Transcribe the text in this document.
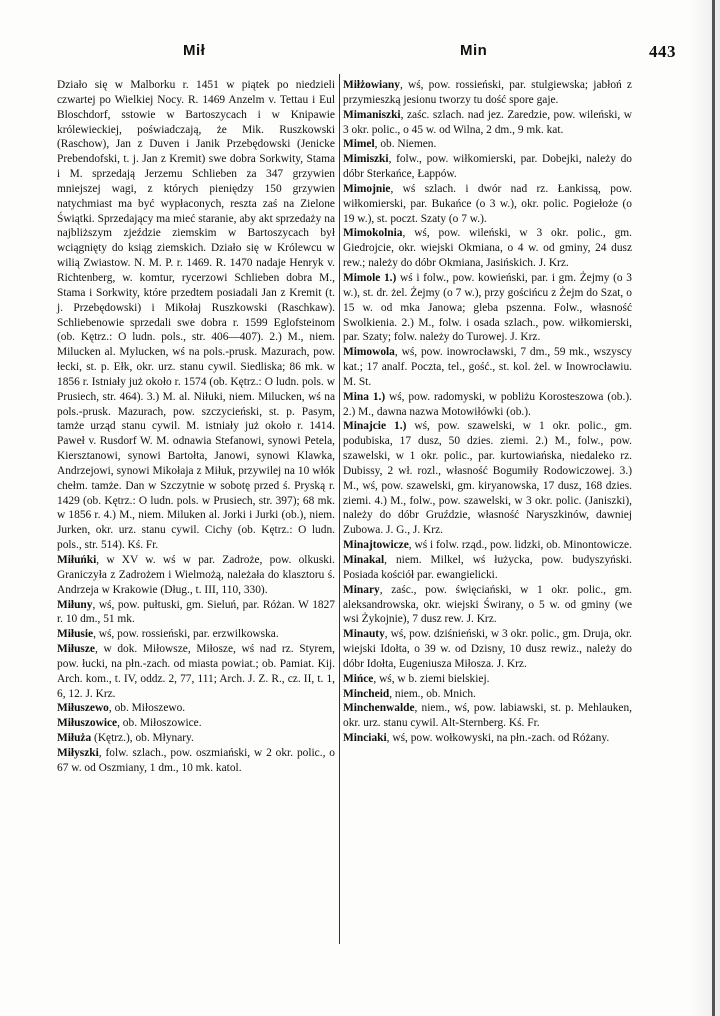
Mił	Min	443

Działo się w Malborku r. 1451 w piątek po niedzieli czwartej po Wielkiej Nocy. R. 1469 Anzelm v. Tettau i Eul Bloschdorf, sstowie w Bartoszycach i w Knipawie królewieckiej, poświadczają, że Mik. Ruszkowski (Raschow), Jan z Duven i Janik Przebędowski (Jenicke Prebendofski, t. j. Jan z Kremit) swe dobra Sorkwity, Stama i M. sprzedają Jerzemu Schlieben za 347 grzywien mniejszej wagi, z których pieniędzy 150 grzywien natychmiast ma być wypłaconych, reszta zaś na Zielone Świątki. Sprzedający ma mieć staranie, aby akt sprzedaży na najbliższym zjeździe ziemskim w Bartoszycach był wciągnięty do ksiąg ziemskich. Działo się w Królewcu w wilią Zwiastow. N. M. P. r. 1469. R. 1470 nadaje Henryk v. Richtenberg, w. komtur, rycerzowi Schlieben dobra M., Stama i Sorkwity, które przedtem posiadali Jan z Kremit (t. j. Przebędowski) i Mikołaj Ruszkowski (Raschkaw). Schliebenowie sprzedali swe dobra r. 1599 Eglofsteinom (ob. Kętrz.: O ludn. pols., str. 406—407). 2.) M., niem. Milucken al. Mylucken, wś na pols.-prusk. Mazurach, pow. łecki, st. p. Ełk, okr. urz. stanu cywil. Siedliska; 86 mk. w 1856 r. Istniały już około r. 1574 (ob. Kętrz.: O ludn. pols. w Prusiech, str. 464). 3.) M. al. Niłuki, niem. Milucken, wś na pols.-prusk. Mazurach, pow. szczycieński, st. p. Pasym, tamże urząd stanu cywil. M. istniały już około r. 1414. Paweł v. Rusdorf W. M. odnawia Stefanowi, synowi Petela, Kiersztanowi, synowi Bartołta, Janowi, synowi Klawka, Andrzejowi, synowi Mikołaja z Miłuk, przywilej na 10 włók chełm. tamże. Dan w Szczytnie w sobotę przed ś. Pryską r. 1429 (ob. Kętrz.: O ludn. pols. w Prusiech, str. 397); 68 mk. w 1856 r. 4.) M., niem. Miluken al. Jorki i Jurki (ob.), niem. Jurken, okr. urz. stanu cywil. Cichy (ob. Kętrz.: O ludn. pols., str. 514). Kś. Fr.

Miłuńki, w XV w. wś w par. Zadroże, pow. olkuski. Graniczyła z Zadrożem i Wielmożą, należała do klasztoru ś. Andrzeja w Krakowie (Dług., t. III, 110, 330).

Miłuny, wś, pow. pułtuski, gm. Sieluń, par. Różan. W 1827 r. 10 dm., 51 mk.

Miłusie, wś, pow. rossieński, par. erzwilkowska.

Miłusze, w dok. Miłowsze, Miłosze, wś nad rz. Styrem, pow. łucki, na płn.-zach. od miasta powiat.; ob. Pamiat. Kij. Arch. kom., t. IV, oddz. 2, 77, 111; Arch. J. Z. R., cz. II, t. 1, 6, 12. J. Krz.

Miłuszewo, ob. Miłoszewo.

Miłuszowice, ob. Miłoszowice.

Miłuża (Kętrz.), ob. Młynary.

Miłyszki, folw. szlach., pow. oszmiański, w 2 okr. polic., o 67 w. od Oszmiany, 1 dm., 10 mk. katol.

Miłżowiany, wś, pow. rossieński, par. stulgiewska; jabłoń z przymieszką jesionu tworzy tu dość spore gaje.

Mimaniszki, zaśc. szlach. nad jez. Zaredzie, pow. wileński, w 3 okr. polic., o 45 w. od Wilna, 2 dm., 9 mk. kat.

Mimel, ob. Niemen.

Mimiszki, folw., pow. wiłkomierski, par. Dobejki, należy do dóbr Sterkańce, Łappów.

Mimojnie, wś szlach. i dwór nad rz. Łankissą, pow. wiłkomierski, par. Bukańce (o 3 w.), okr. polic. Pogiełoże (o 19 w.), st. poczt. Szaty (o 7 w.).

Mimokolnia, wś, pow. wileński, w 3 okr. polic., gm. Giedrojcie, okr. wiejski Okmiana, o 4 w. od gminy, 24 dusz rew.; należy do dóbr Okmiana, Jasińskich. J. Krz.

Mimole 1.) wś i folw., pow. kowieński, par. i gm. Żejmy (o 3 w.), st. dr. żel. Żejmy (o 7 w.), przy gościńcu z Żejm do Szat, o 15 w. od mka Janowa; gleba pszenna. Folw., własność Swolkienia. 2.) M., folw. i osada szlach., pow. wiłkomierski, par. Szaty; folw. należy do Turowej. J. Krz.

Mimowola, wś, pow. inowrocławski, 7 dm., 59 mk., wszyscy kat.; 17 analf. Poczta, tel., gość., st. kol. żel. w Inowrocławiu. M. St.

Mina 1.) wś, pow. radomyski, w pobliżu Korosteszowa (ob.). 2.) M., dawna nazwa Motowiłówki (ob.).

Minajcie 1.) wś, pow. szawelski, w 1 okr. polic., gm. podubiska, 17 dusz, 50 dzies. ziemi. 2.) M., folw., pow. szawelski, w 1 okr. polic., par. kurtowiańska, niedaleko rz. Dubissy, 2 wł. rozl., własność Bogumiły Rodowiczowej. 3.) M., wś, pow. szawelski, gm. kiryanowska, 17 dusz, 168 dzies. ziemi. 4.) M., folw., pow. szawelski, w 3 okr. polic. (Janiszki), należy do dóbr Gruździe, własność Naryszkinów, dawniej Zubowa. J. G., J. Krz.

Minajtowicze, wś i folw. rząd., pow. lidzki, ob. Minontowicze.

Minakal, niem. Milkel, wś łużycka, pow. budyszyński. Posiada kościół par. ewangielicki.

Minary, zaśc., pow. święciański, w 1 okr. polic., gm. aleksandrowska, okr. wiejski Świrany, o 5 w. od gminy (we wsi Żykojnie), 7 dusz rew. J. Krz.

Minauty, wś, pow. dziśnieński, w 3 okr. polic., gm. Druja, okr. wiejski Idołta, o 39 w. od Dzisny, 10 dusz rewiz., należy do dóbr Idołta, Eugeniusza Miłosza. J. Krz.

Mińce, wś, w b. ziemi bielskiej.

Mincheid, niem., ob. Mnich.

Minchenwalde, niem., wś, pow. labiawski, st. p. Mehlauken, okr. urz. stanu cywil. Alt-Sternberg. Kś. Fr.

Minciaki, wś, pow. wołkowyski, na płn.-zach. od Różany.
